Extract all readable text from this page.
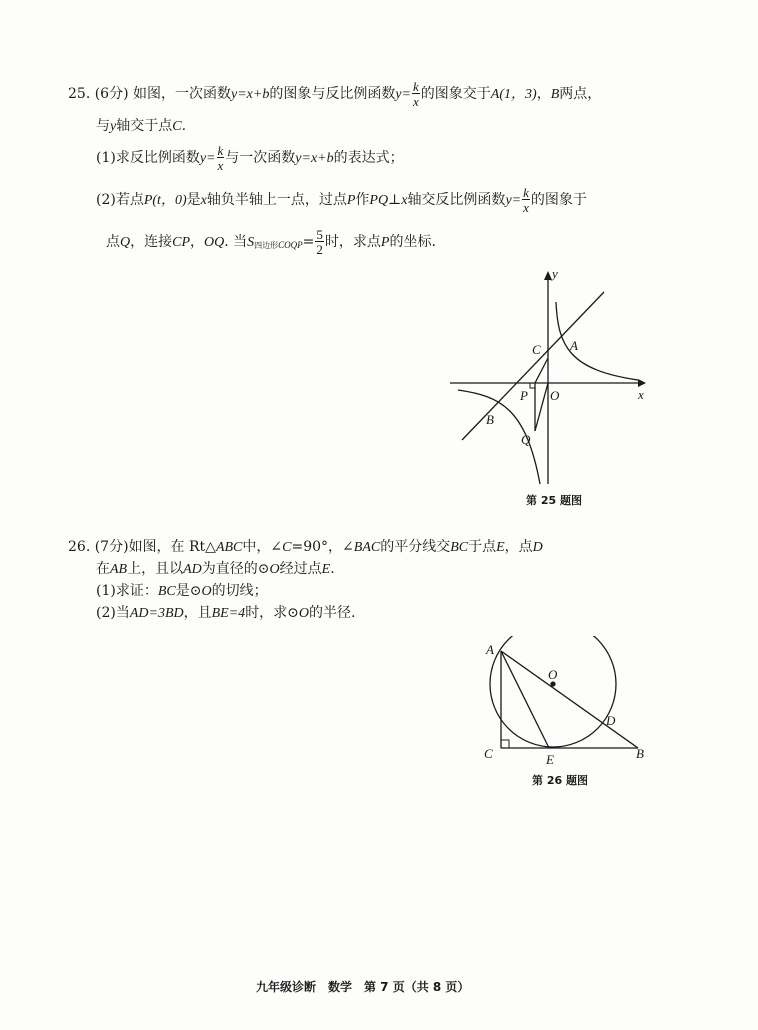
25. (6分) 如图，一次函数y=x+b的图象与反比例函数$y= \frac{k}{x}$ 的图象交于A(1，3)，B两点，
与y轴交于点C.
(1)求反比例函数$y= \frac{k}{x}$ 与一次函数y=x+b的表达式；
(2)若点P(t，0)是x轴负半轴上一点，过点P作PQ⊥x轴交反比例函数$y= \frac{k}{x}$ 的图象于
点Q，连接CP，OQ. 当$S_{四边形COQP}= \frac{5}{2}$ 时，求点P的坐标.
y
x
C A
P O
B
Q
第 25 题图
26. (7分)如图，在 Rt△ABC中，∠C=90°，∠BAC的平分线交BC于点E，点D
在AB上，且以AD为直径的⊙O经过点E.
(1)求证：BC是⊙O的切线；
(2)当AD=3BD，且BE=4时，求⊙O的半径.
A
O
D
C	E	B
第 26 题图
九年级诊断　数学　第 7 页（共 8 页）
